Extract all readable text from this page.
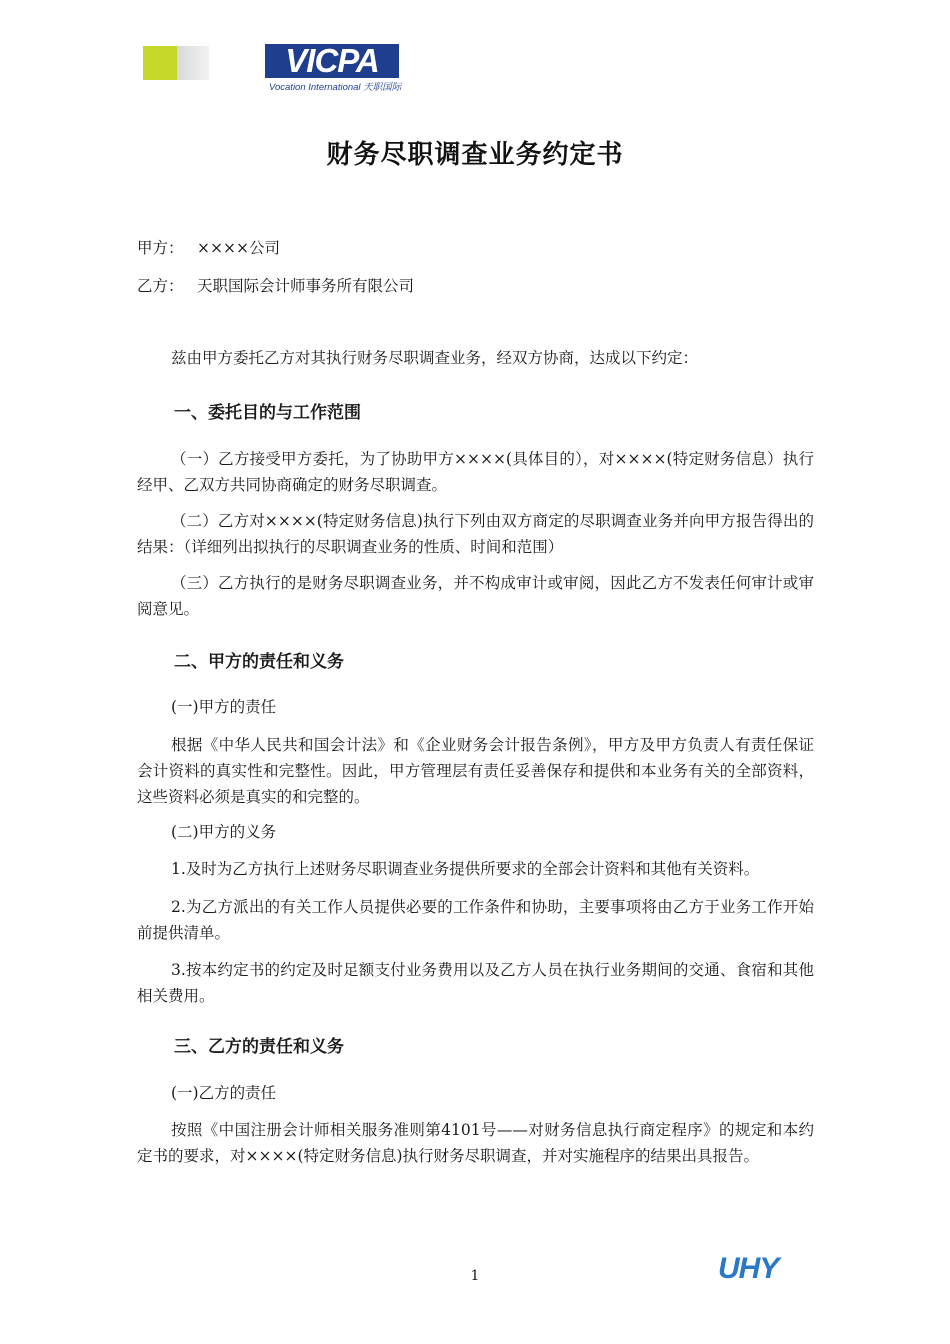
VICPA
Vocation International 天职国际
财务尽职调查业务约定书
甲方： ××××公司
乙方： 天职国际会计师事务所有限公司
兹由甲方委托乙方对其执行财务尽职调查业务，经双方协商，达成以下约定：
一、委托目的与工作范围
（一）乙方接受甲方委托，为了协助甲方××××(具体目的），对××××(特定财务信息）执行经甲、乙双方共同协商确定的财务尽职调查。
（二）乙方对××××(特定财务信息)执行下列由双方商定的尽职调查业务并向甲方报告得出的结果：（详细列出拟执行的尽职调查业务的性质、时间和范围）
（三）乙方执行的是财务尽职调查业务，并不构成审计或审阅，因此乙方不发表任何审计或审阅意见。
二、甲方的责任和义务
(一)甲方的责任
根据《中华人民共和国会计法》和《企业财务会计报告条例》，甲方及甲方负责人有责任保证会计资料的真实性和完整性。因此，甲方管理层有责任妥善保存和提供和本业务有关的全部资料，这些资料必须是真实的和完整的。
(二)甲方的义务
1.及时为乙方执行上述财务尽职调查业务提供所要求的全部会计资料和其他有关资料。
2.为乙方派出的有关工作人员提供必要的工作条件和协助，主要事项将由乙方于业务工作开始前提供清单。
3.按本约定书的约定及时足额支付业务费用以及乙方人员在执行业务期间的交通、食宿和其他相关费用。
三、乙方的责任和义务
(一)乙方的责任
按照《中国注册会计师相关服务准则第4101号——对财务信息执行商定程序》的规定和本约定书的要求，对××××(特定财务信息)执行财务尽职调查，并对实施程序的结果出具报告。
1	UHY
